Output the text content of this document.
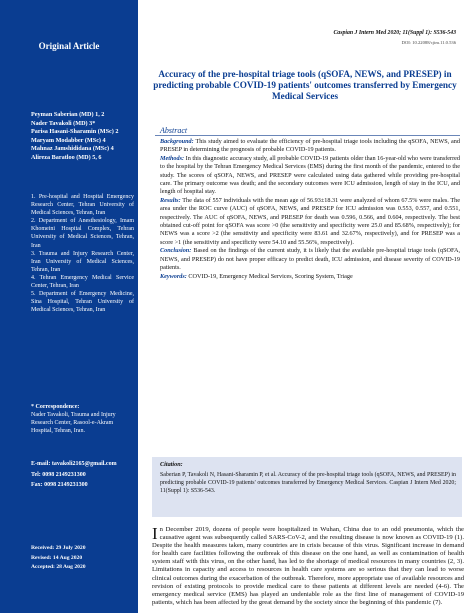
Original Article
Peyman Saberian (MD) 1, 2
Nader Tavakoli (MD) 3*
Parisa Hasani-Sharamin (MSc) 2
Maryam Modabber (MSc) 4
Mahnaz Jamshididana (MSc) 4
Alireza Baratloo (MD) 5, 6
1. Pre-hospital and Hospital Emergency Research Center, Tehran University of Medical Sciences, Tehran, Iran
2. Department of Anesthesiology, Imam Khomeini Hospital Complex, Tehran University of Medical Sciences, Tehran, Iran
3. Trauma and Injury Research Center, Iran University of Medical Sciences, Tehran, Iran
4. Tehran Emergency Medical Service Center, Tehran, Iran
5. Department of Emergency Medicine, Sina Hospital, Tehran University of Medical Sciences, Tehran, Iran
* Correspondence:
Nader Tavakoli, Trauma and Injury Research Center, Rasool-e-Akram Hospital, Tehran, Iran.
E-mail: tavakoli2165@gmail.com
Tel: 0098 2149231300
Fax: 0098 2149231300
Received: 29 July 2020
Revised: 14 Aug 2020
Accepted: 28 Aug 2020
Caspian J Intern Med 2020; 11(Suppl 1): S536-543
DOI: 10.22088/cjim.11.0.536
Accuracy of the pre-hospital triage tools (qSOFA, NEWS, and PRESEP) in predicting probable COVID-19 patients' outcomes transferred by Emergency Medical Services
Abstract

Background: This study aimed to evaluate the efficiency of pre-hospital triage tools including the qSOFA, NEWS, and PRESEP in determining the prognosis of probable COVID-19 patients.

Methods: In this diagnostic accuracy study, all probable COVID-19 patients older than 16-year-old who were transferred to the hospital by the Tehran Emergency Medical Services (EMS) during the first month of the pandemic, entered to the study. The scores of qSOFA, NEWS, and PRESEP were calculated using data gathered while providing pre-hospital care. The primary outcome was death; and the secondary outcomes were ICU admission, length of stay in the ICU, and length of hospital stay.

Results: The data of 557 individuals with the mean age of 56.93±18.31 were analyzed of whom 67.5% were males. The area under the ROC curve (AUC) of qSOFA, NEWS, and PRESEP for ICU admission was 0.553, 0.557, and 0.551, respectively. The AUC of qSOFA, NEWS, and PRESEP for death was 0.596, 0.566, and 0.604, respectively. The best obtained cut-off point for qSOFA was score >0 (the sensitivity and specificity were 25.0 and 85.68%, respectively); for NEWS was a score >2 (the sensitivity and specificity were 83.61 and 32.67%, respectively), and for PRESEP was a score >1 (the sensitivity and specificity were 54.10 and 55.56%, respectively).

Conclusion: Based on the findings of the current study, it is likely that the available pre-hospital triage tools (qSOFA, NEWS, and PRESEP) do not have proper efficacy to predict death, ICU admission, and disease severity of COVID-19 patients.

Keywords: COVID-19, Emergency Medical Services, Scoring System, Triage

Citation:
Saberian P, Tavakoli N, Hasani-Sharamin P, et al. Accuracy of the pre-hospital triage tools (qSOFA, NEWS, and PRESEP) in predicting probable COVID-19 patients' outcomes transferred by Emergency Medical Services. Caspian J Intern Med 2020; 11(Suppl 1): S536-543.

In December 2019, dozens of people were hospitalized in Wuhan, China due to an odd pneumonia, which the causative agent was subsequently called SARS-CoV-2, and the resulting disease is now known as COVID-19 (1). Despite the health measures taken, many countries are in crisis because of this virus. Significant increase in demand for health care facilities following the outbreak of this disease on the one hand, as well as contamination of health system staff with this virus, on the other hand, has led to the shortage of medical resources in many countries (2, 3). Limitations in capacity and access to resources in health care systems are so serious that they can lead to worse clinical outcomes during the exacerbation of the outbreak. Therefore, more appropriate use of available resources and revision of existing protocols to provide medical care to these patients at different levels are needed (4-6). The emergency medical service (EMS) has played an undeniable role as the first line of management of COVID-19 patients, which has been affected by the great demand by the society since the beginning of this pandemic (7).
